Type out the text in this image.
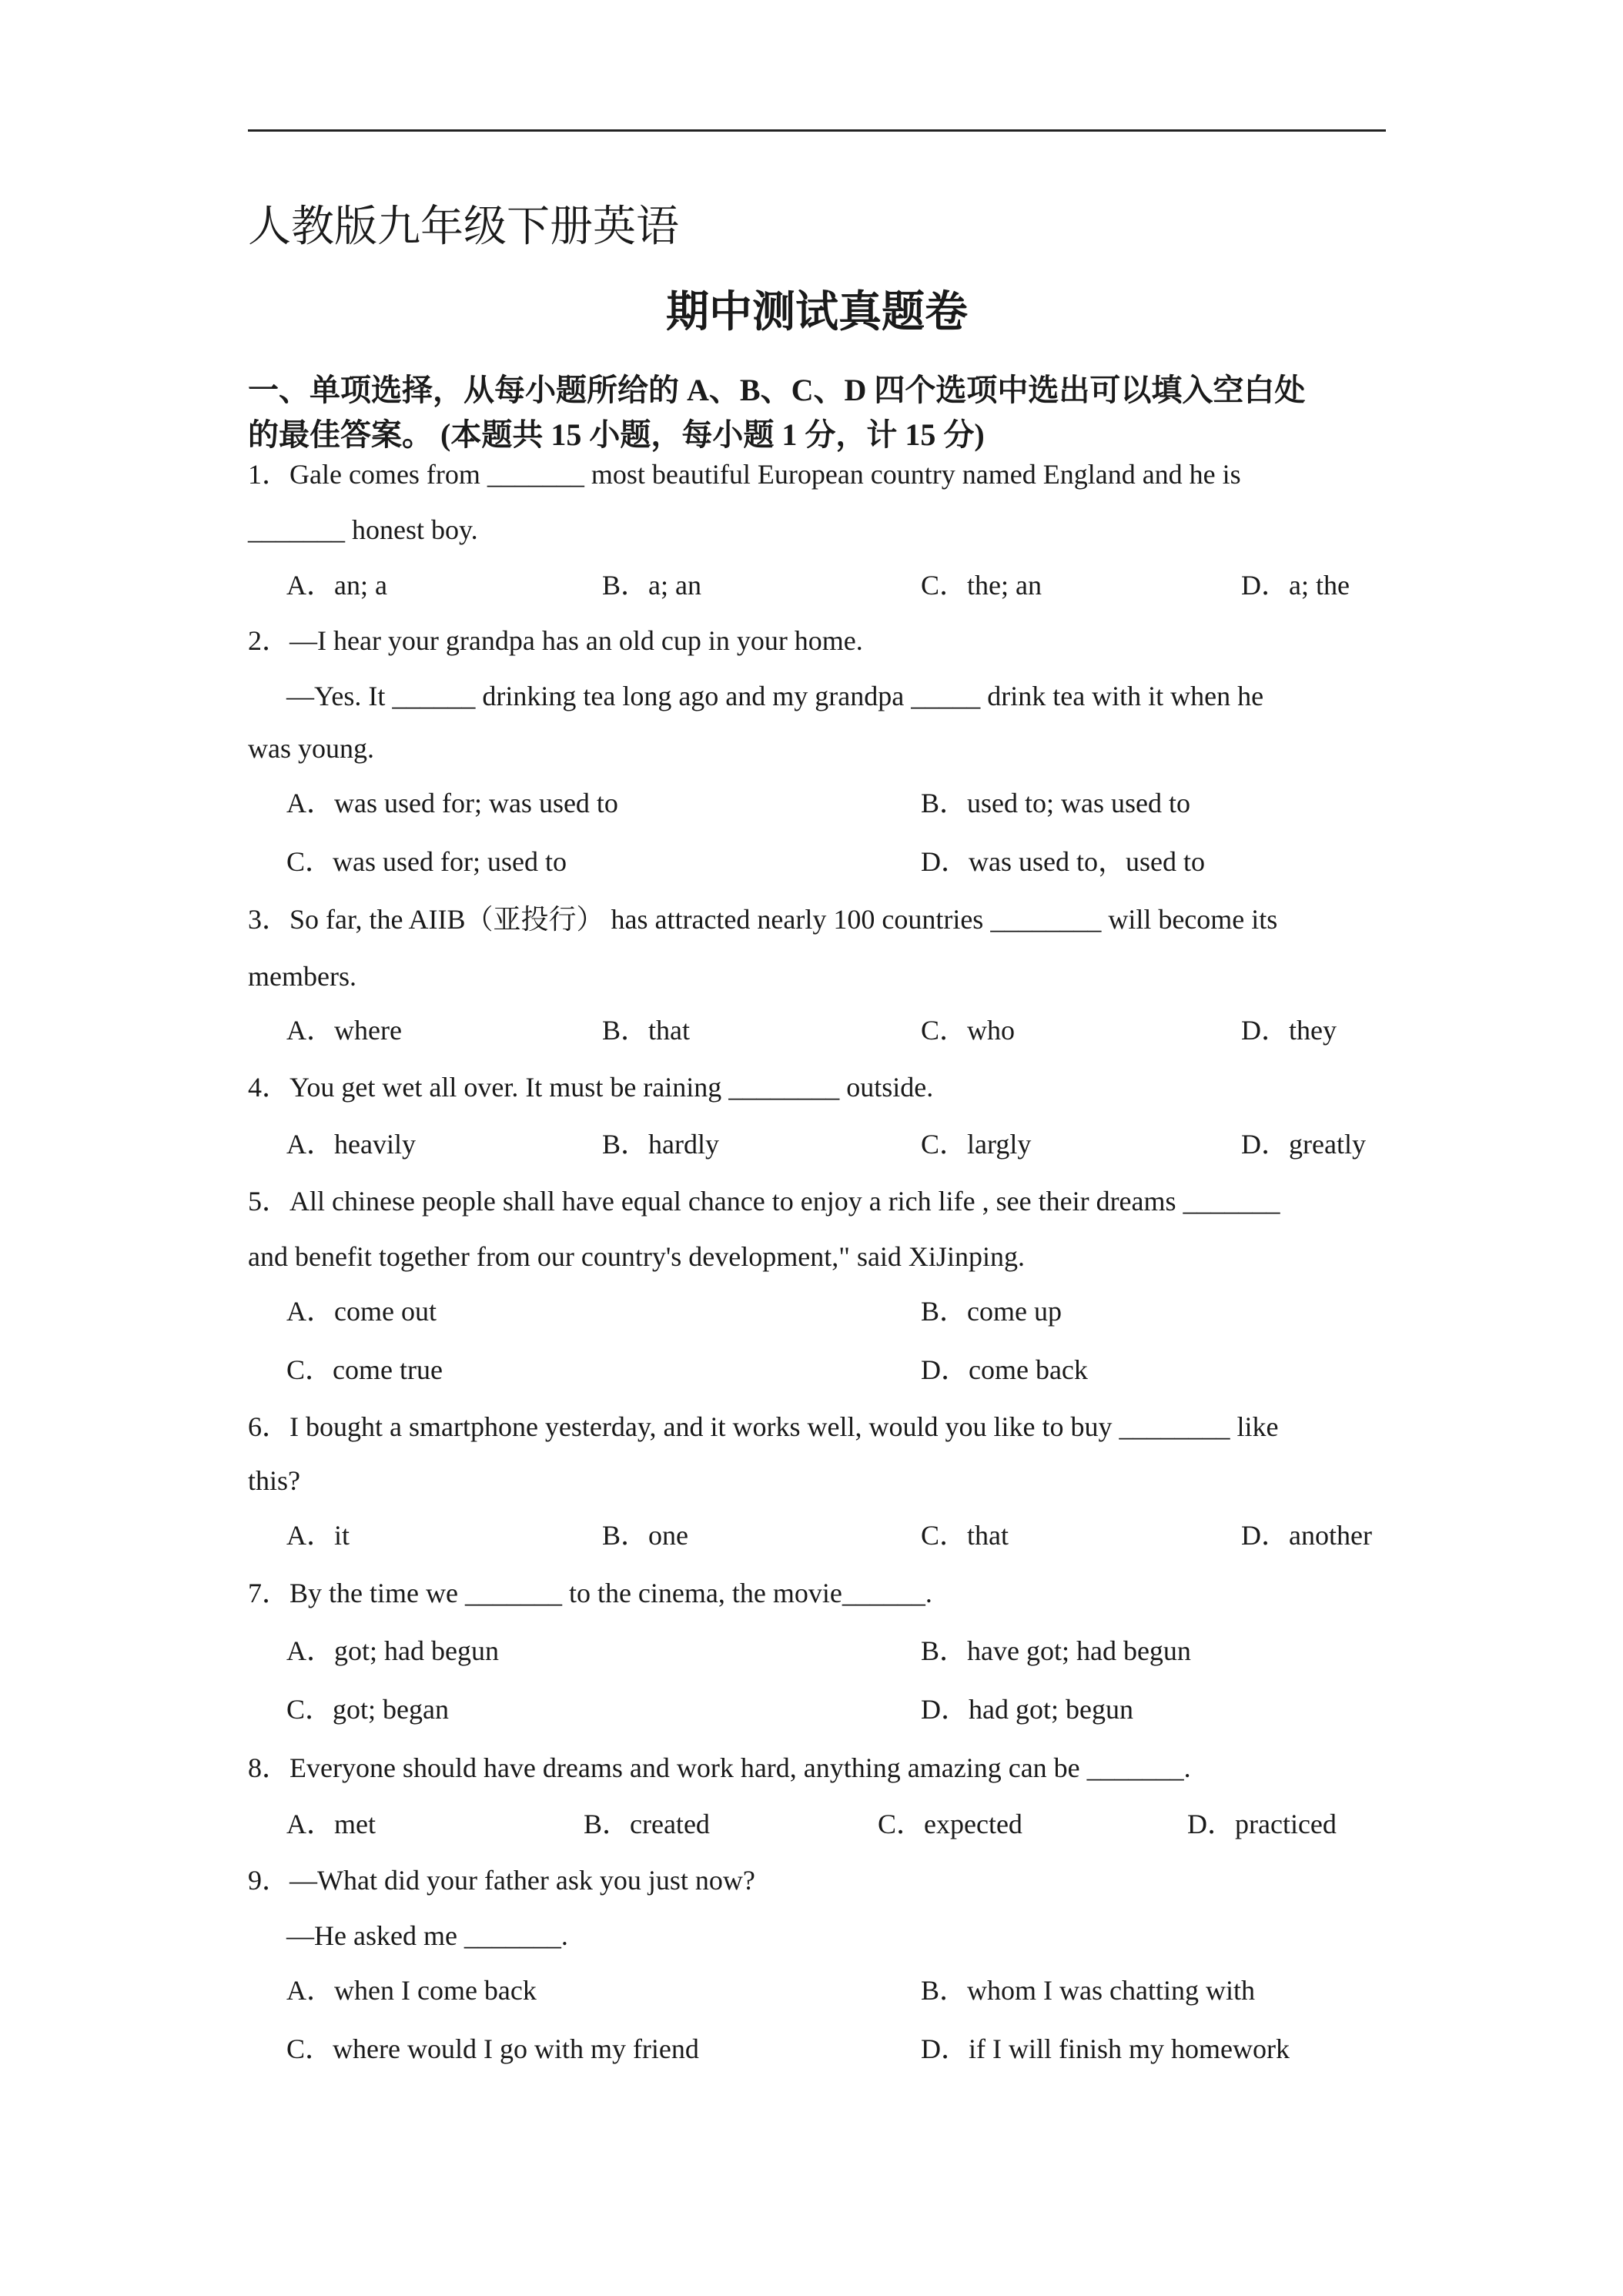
人教版九年级下册英语
期中测试真题卷
一、单项选择，从每小题所给的 A、B、C、D 四个选项中选出可以填入空白处
的最佳答案。 (本题共 15 小题，每小题 1 分，计 15 分)
1．Gale comes from _______ most beautiful European country named England and he is
_______ honest boy.
A．an; a	B．a; an	C．the; an	D．a; the
2．—I hear your grandpa has an old cup in your home.
—Yes. It ______ drinking tea long ago and my grandpa _____ drink tea with it when he
was young.
A．was used for; was used to	B．used to; was used to
C．was used for; used to	D．was used to，used to
3．So far, the AIIB（亚投行） has attracted nearly 100 countries ________ will become its
members.
A．where	B．that	C．who	D．they
4．You get wet all over. It must be raining ________ outside.
A．heavily	B．hardly	C．largly	D．greatly
5．All chinese people shall have equal chance to enjoy a rich life , see their dreams _______
and benefit together from our country's development," said XiJinping.
A．come out	B．come up
C．come true	D．come back
6．I bought a smartphone yesterday, and it works well, would you like to buy ________ like
this?
A．it	B．one	C．that	D．another
7．By the time we _______ to the cinema, the movie______.
A．got; had begun	B．have got; had begun
C．got; began	D．had got; begun
8．Everyone should have dreams and work hard, anything amazing can be _______.
A．met	B．created	C．expected	D．practiced
9．—What did your father ask you just now?
—He asked me _______.
A．when I come back	B．whom I was chatting with
C．where would I go with my friend	D．if I will finish my homework
